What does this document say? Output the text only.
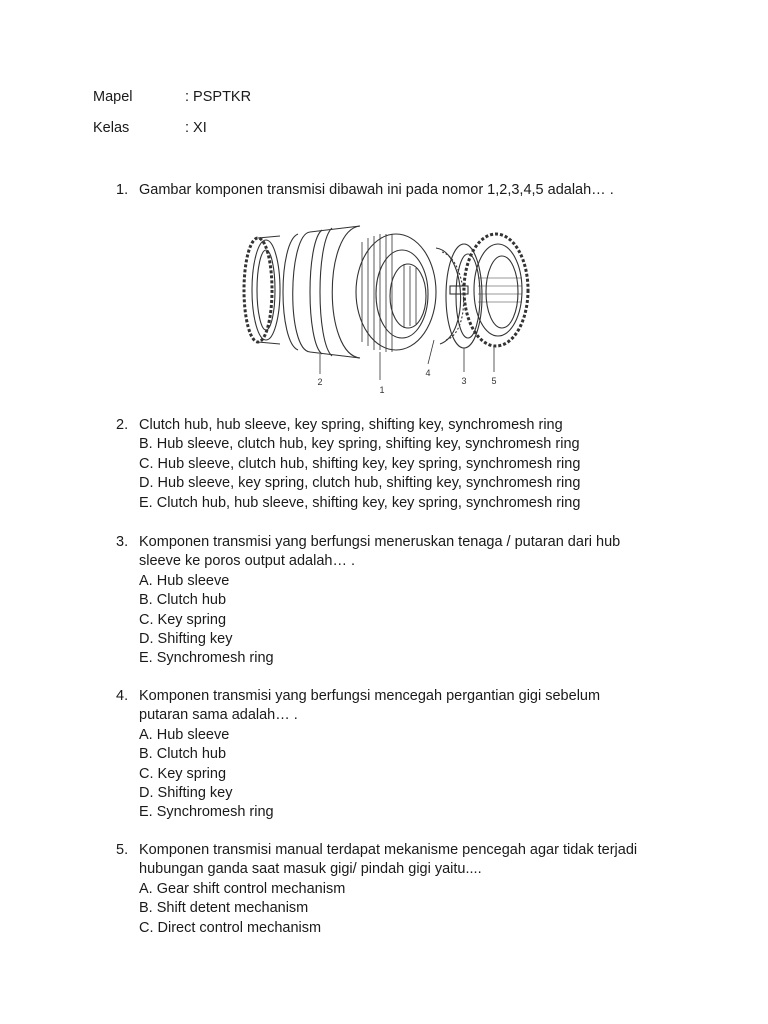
Mapel	: PSPTKR
Kelas	: XI
1. Gambar komponen transmisi dibawah ini pada nomor 1,2,3,4,5 adalah… .
2
1
4
3	5
2. Clutch hub, hub sleeve, key spring, shifting key, synchromesh ring
B. Hub sleeve, clutch hub, key spring, shifting key, synchromesh ring
C. Hub sleeve, clutch hub, shifting key, key spring, synchromesh ring
D. Hub sleeve, key spring, clutch hub, shifting key, synchromesh ring
E. Clutch hub, hub sleeve, shifting key, key spring, synchromesh ring
3. Komponen transmisi yang berfungsi meneruskan tenaga / putaran dari hub
sleeve ke poros output adalah… .
A. Hub sleeve
B. Clutch hub
C. Key spring
D. Shifting key
E. Synchromesh ring
4. Komponen transmisi yang berfungsi mencegah pergantian gigi sebelum
putaran sama adalah… .
A. Hub sleeve
B. Clutch hub
C. Key spring
D. Shifting key
E. Synchromesh ring
5. Komponen transmisi manual terdapat mekanisme pencegah agar tidak terjadi
hubungan ganda saat masuk gigi/ pindah gigi yaitu....
A. Gear shift control mechanism
B. Shift detent mechanism
C. Direct control mechanism
